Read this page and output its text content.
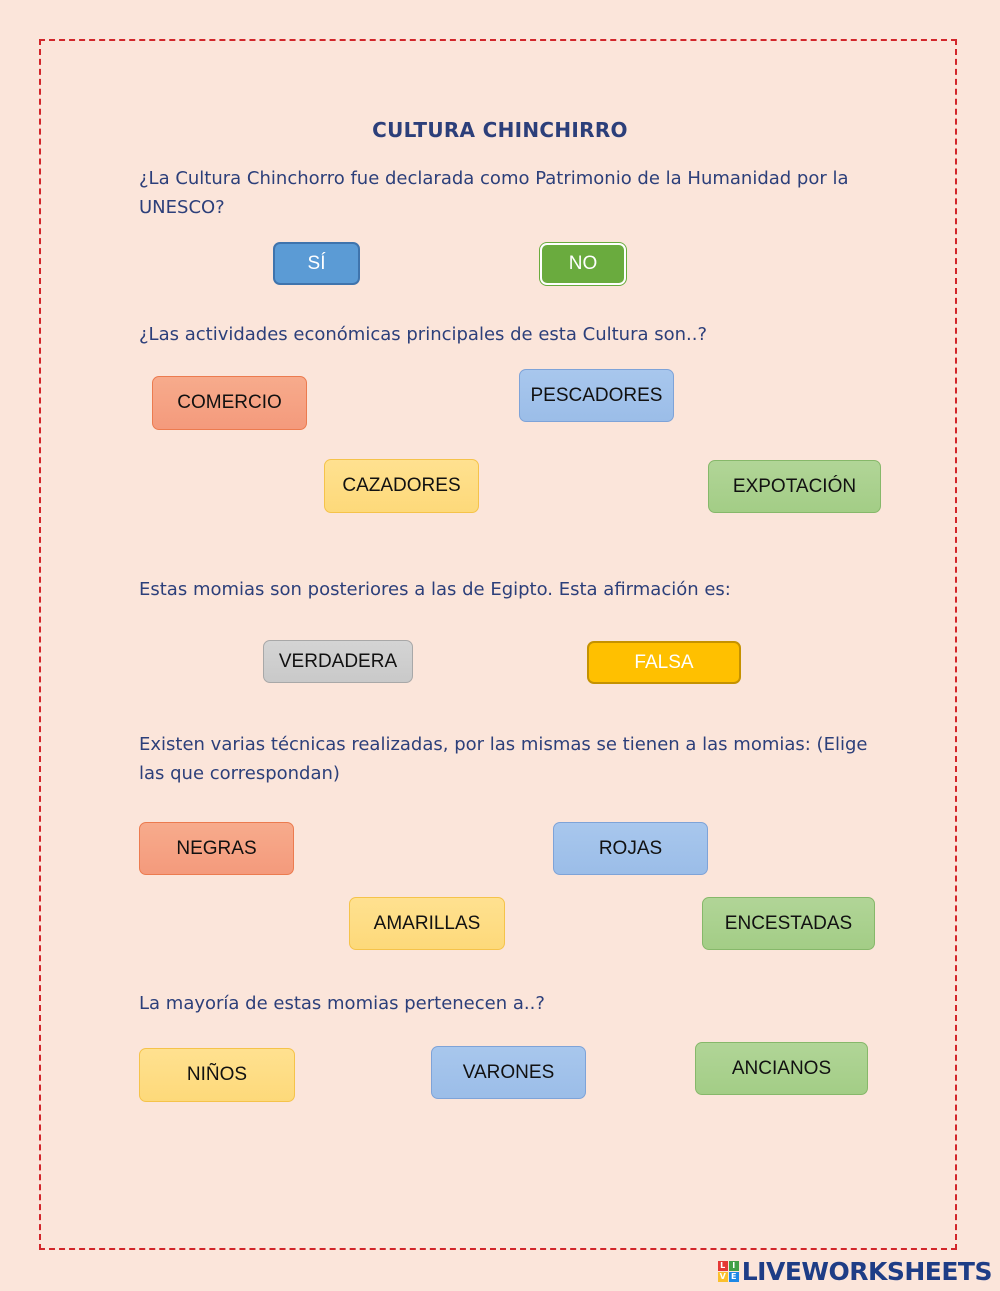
CULTURA CHINCHIRRO
¿La Cultura Chinchorro fue declarada como Patrimonio de la Humanidad por la UNESCO?
SÍ	NO
¿Las actividades económicas principales de esta Cultura son..?
COMERCIO	PESCADORES
CAZADORES	EXPOTACIÓN
Estas momias son posteriores a las de Egipto. Esta afirmación es:
VERDADERA	FALSA
Existen varias técnicas realizadas, por las mismas se tienen a las momias: (Elige las que correspondan)
NEGRAS	ROJAS
AMARILLAS	ENCESTADAS
La mayoría de estas momias pertenecen a..?
NIÑOS	VARONES	ANCIANOS
L I
V E LIVEWORKSHEETS
